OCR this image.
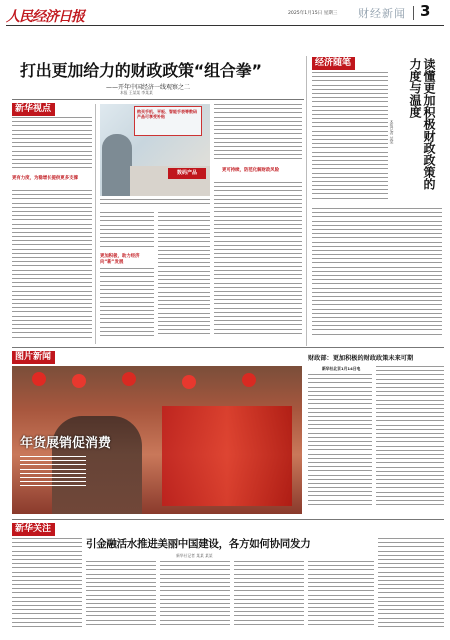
人民经济日报	2025年1月15日 星期三 财经新闻 3
打出更加给力的财政政策“组合拳”
——开年中国经济一线观察之二
本报 王某某 李某某
新华视点
更有力度，为稳增长提供更多支撑
购买手机、平板、智能手表等数码产品可享受补贴
数码产品
更加积极，助力经济向“新”发展
更可持续，防范化解财政风险
经济随笔	读懂更加积极财政政策的力度与温度
本报记者 某某
图片新闻
年货展销促消费
财政部：更加积极的财政政策未来可期
新华社北京1月14日电
新华关注
引金融活水推进美丽中国建设，各方如何协同发力
新华社记者 某某 某某
